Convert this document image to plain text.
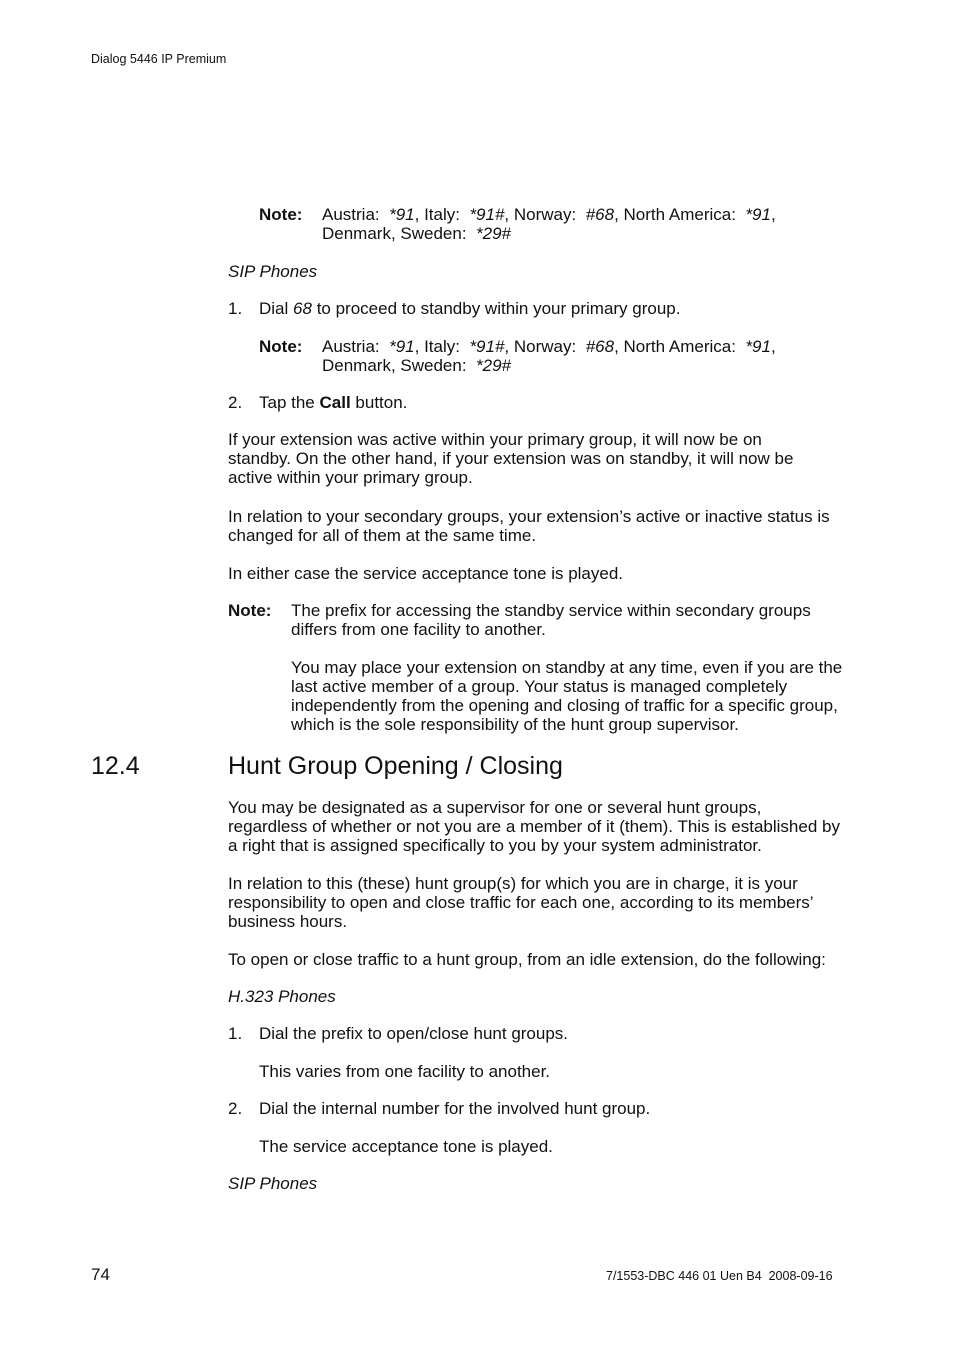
Dialog 5446 IP Premium
Note: Austria: *91, Italy: *91#, Norway: #68, North America: *91,
Denmark, Sweden: *29#
SIP Phones
1. Dial 68 to proceed to standby within your primary group.
Note: Austria: *91, Italy: *91#, Norway: #68, North America: *91,
Denmark, Sweden: *29#
2. Tap the Call button.
If your extension was active within your primary group, it will now be on standby. On the other hand, if your extension was on standby, it will now be active within your primary group.
In relation to your secondary groups, your extension’s active or inactive status is changed for all of them at the same time.
In either case the service acceptance tone is played.
Note: The prefix for accessing the standby service within secondary groups differs from one facility to another.
You may place your extension on standby at any time, even if you are the last active member of a group. Your status is managed completely independently from the opening and closing of traffic for a specific group, which is the sole responsibility of the hunt group supervisor.
12.4	Hunt Group Opening / Closing
You may be designated as a supervisor for one or several hunt groups, regardless of whether or not you are a member of it (them). This is established by a right that is assigned specifically to you by your system administrator.
In relation to this (these) hunt group(s) for which you are in charge, it is your responsibility to open and close traffic for each one, according to its members’ business hours.
To open or close traffic to a hunt group, from an idle extension, do the following:
H.323 Phones
1. Dial the prefix to open/close hunt groups.
This varies from one facility to another.
2. Dial the internal number for the involved hunt group.
The service acceptance tone is played.
SIP Phones
74	7/1553-DBC 446 01 Uen B4  2008-09-16
